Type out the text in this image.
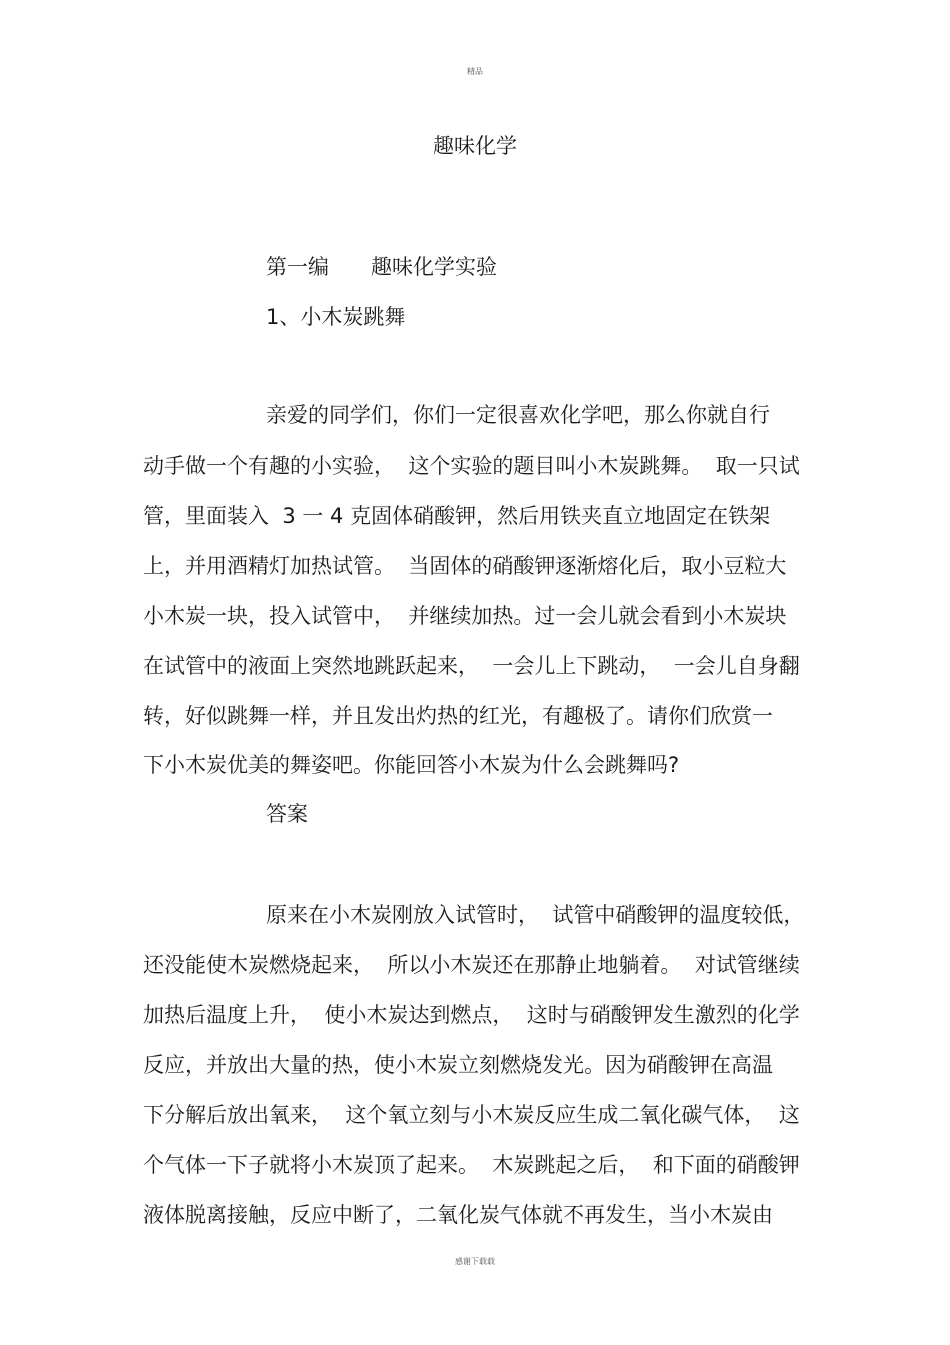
精品
趣味化学
第一编　　趣味化学实验
1、小木炭跳舞
亲爱的同学们，你们一定很喜欢化学吧，那么你就自行
动手做一个有趣的小实验，  这个实验的题目叫小木炭跳舞。  取一只试
管，里面装入  3 一 4 克固体硝酸钾，然后用铁夹直立地固定在铁架
上，并用酒精灯加热试管。  当固体的硝酸钾逐渐熔化后，取小豆粒大
小木炭一块，投入试管中，  并继续加热。过一会儿就会看到小木炭块
在试管中的液面上突然地跳跃起来，  一会儿上下跳动，  一会儿自身翻
转，好似跳舞一样，并且发出灼热的红光，有趣极了。请你们欣赏一
下小木炭优美的舞姿吧。你能回答小木炭为什么会跳舞吗?
答案
原来在小木炭刚放入试管时，  试管中硝酸钾的温度较低，
还没能使木炭燃烧起来，  所以小木炭还在那静止地躺着。  对试管继续
加热后温度上升，  使小木炭达到燃点，  这时与硝酸钾发生激烈的化学
反应，并放出大量的热，使小木炭立刻燃烧发光。因为硝酸钾在高温
下分解后放出氧来，  这个氧立刻与小木炭反应生成二氧化碳气体，  这
个气体一下子就将小木炭顶了起来。  木炭跳起之后，  和下面的硝酸钾
液体脱离接触，反应中断了，二氧化炭气体就不再发生，当小木炭由
感谢下载载
